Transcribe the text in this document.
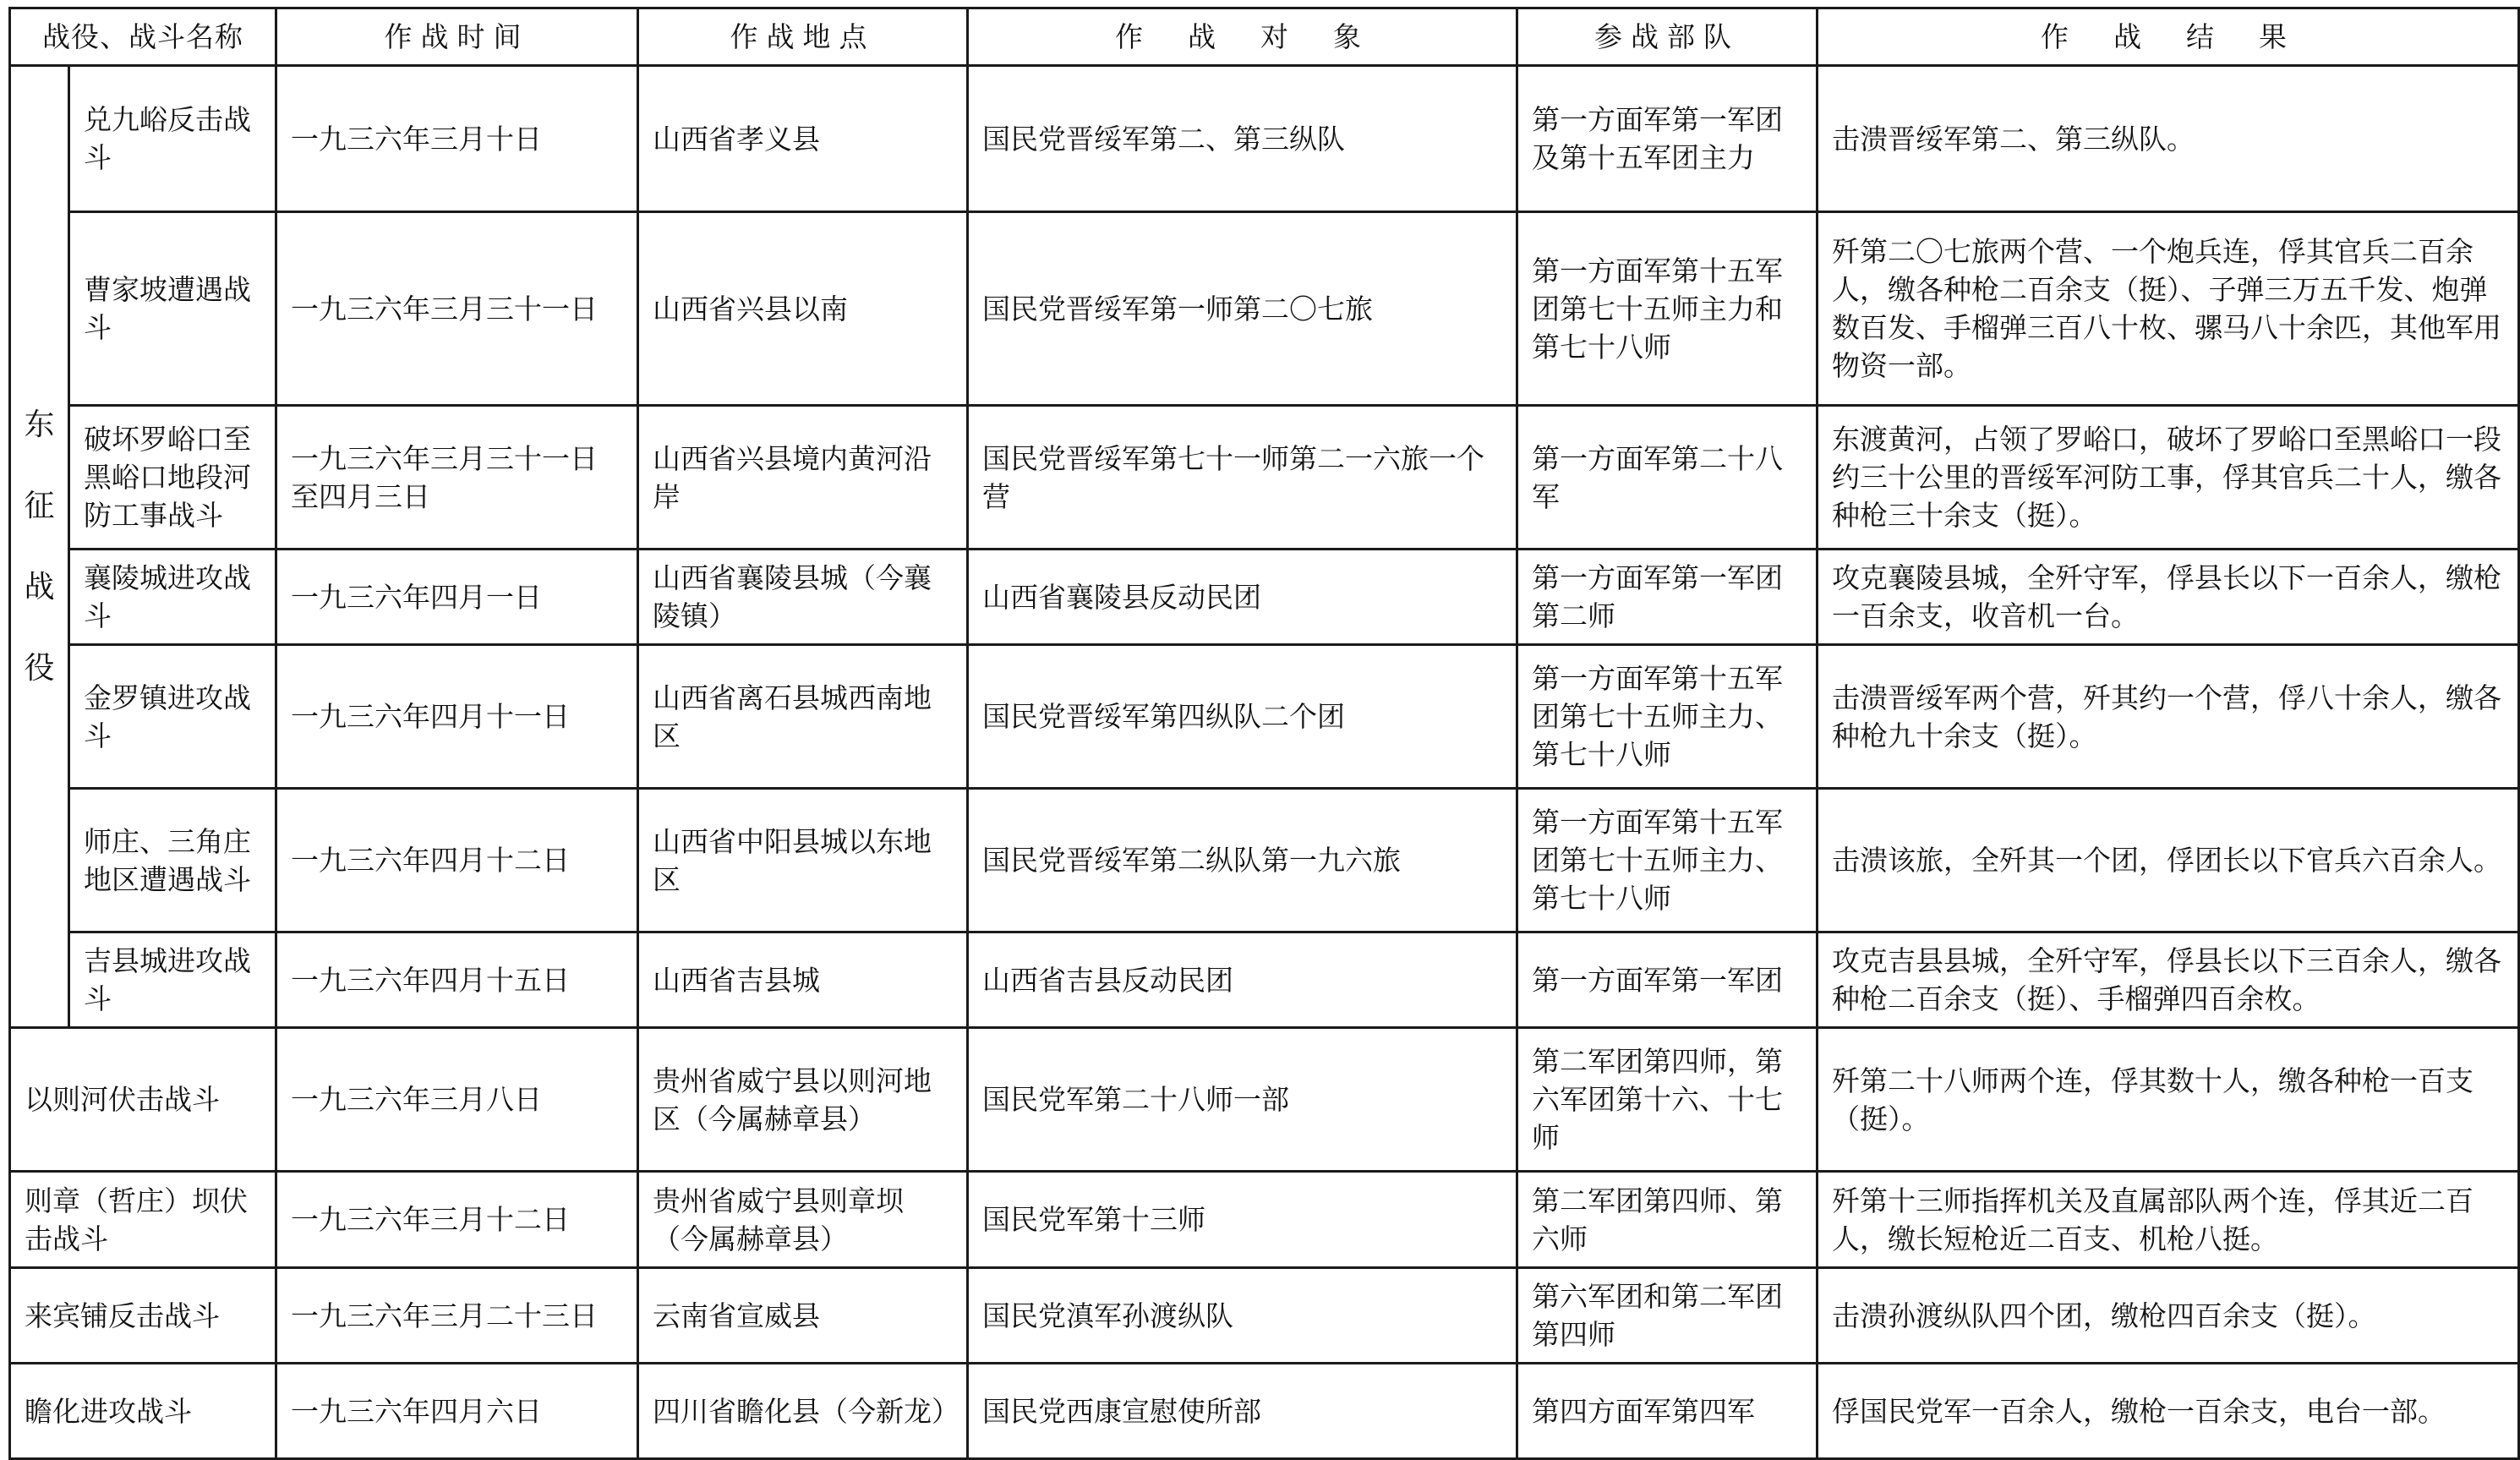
战役、战斗名称		作战时间	作战地点	作　战　对　象	参战部队	作　战　结　果

东
征
战
役	兑九峪反击战斗	一九三六年三月十日	山西省孝义县	国民党晋绥军第二、第三纵队	第一方面军第一军团及第十五军团主力	击溃晋绥军第二、第三纵队。
	曹家坡遭遇战斗	一九三六年三月三十一日	山西省兴县以南	国民党晋绥军第一师第二〇七旅	第一方面军第十五军团第七十五师主力和第七十八师	歼第二〇七旅两个营、一个炮兵连，俘其官兵二百余人，缴各种枪二百余支（挺）、子弹三万五千发、炮弹数百发、手榴弹三百八十枚、骡马八十余匹，其他军用物资一部。
	破坏罗峪口至黑峪口地段河防工事战斗	一九三六年三月三十一日至四月三日	山西省兴县境内黄河沿岸	国民党晋绥军第七十一师第二一六旅一个营	第一方面军第二十八军	东渡黄河，占领了罗峪口，破坏了罗峪口至黑峪口一段约三十公里的晋绥军河防工事，俘其官兵二十人，缴各种枪三十余支（挺）。
	襄陵城进攻战斗	一九三六年四月一日	山西省襄陵县城（今襄陵镇）	山西省襄陵县反动民团	第一方面军第一军团第二师	攻克襄陵县城，全歼守军，俘县长以下一百余人，缴枪一百余支，收音机一台。
	金罗镇进攻战斗	一九三六年四月十一日	山西省离石县城西南地区	国民党晋绥军第四纵队二个团	第一方面军第十五军团第七十五师主力、第七十八师	击溃晋绥军两个营，歼其约一个营，俘八十余人，缴各种枪九十余支（挺）。
	师庄、三角庄地区遭遇战斗	一九三六年四月十二日	山西省中阳县城以东地区	国民党晋绥军第二纵队第一九六旅	第一方面军第十五军团第七十五师主力、第七十八师	击溃该旅，全歼其一个团，俘团长以下官兵六百余人。
	吉县城进攻战斗	一九三六年四月十五日	山西省吉县城	山西省吉县反动民团	第一方面军第一军团	攻克吉县县城，全歼守军，俘县长以下三百余人，缴各种枪二百余支（挺）、手榴弹四百余枚。
以则河伏击战斗		一九三六年三月八日	贵州省威宁县以则河地区（今属赫章县）	国民党军第二十八师一部	第二军团第四师，第六军团第十六、十七师	歼第二十八师两个连，俘其数十人，缴各种枪一百支（挺）。
则章（哲庄）坝伏击战斗		一九三六年三月十二日	贵州省威宁县则章坝（今属赫章县）	国民党军第十三师	第二军团第四师、第六师	歼第十三师指挥机关及直属部队两个连，俘其近二百人，缴长短枪近二百支、机枪八挺。
来宾铺反击战斗		一九三六年三月二十三日	云南省宣威县	国民党滇军孙渡纵队	第六军团和第二军团第四师	击溃孙渡纵队四个团，缴枪四百余支（挺）。
瞻化进攻战斗		一九三六年四月六日	四川省瞻化县（今新龙）	国民党西康宣慰使所部	第四方面军第四军	俘国民党军一百余人，缴枪一百余支，电台一部。
